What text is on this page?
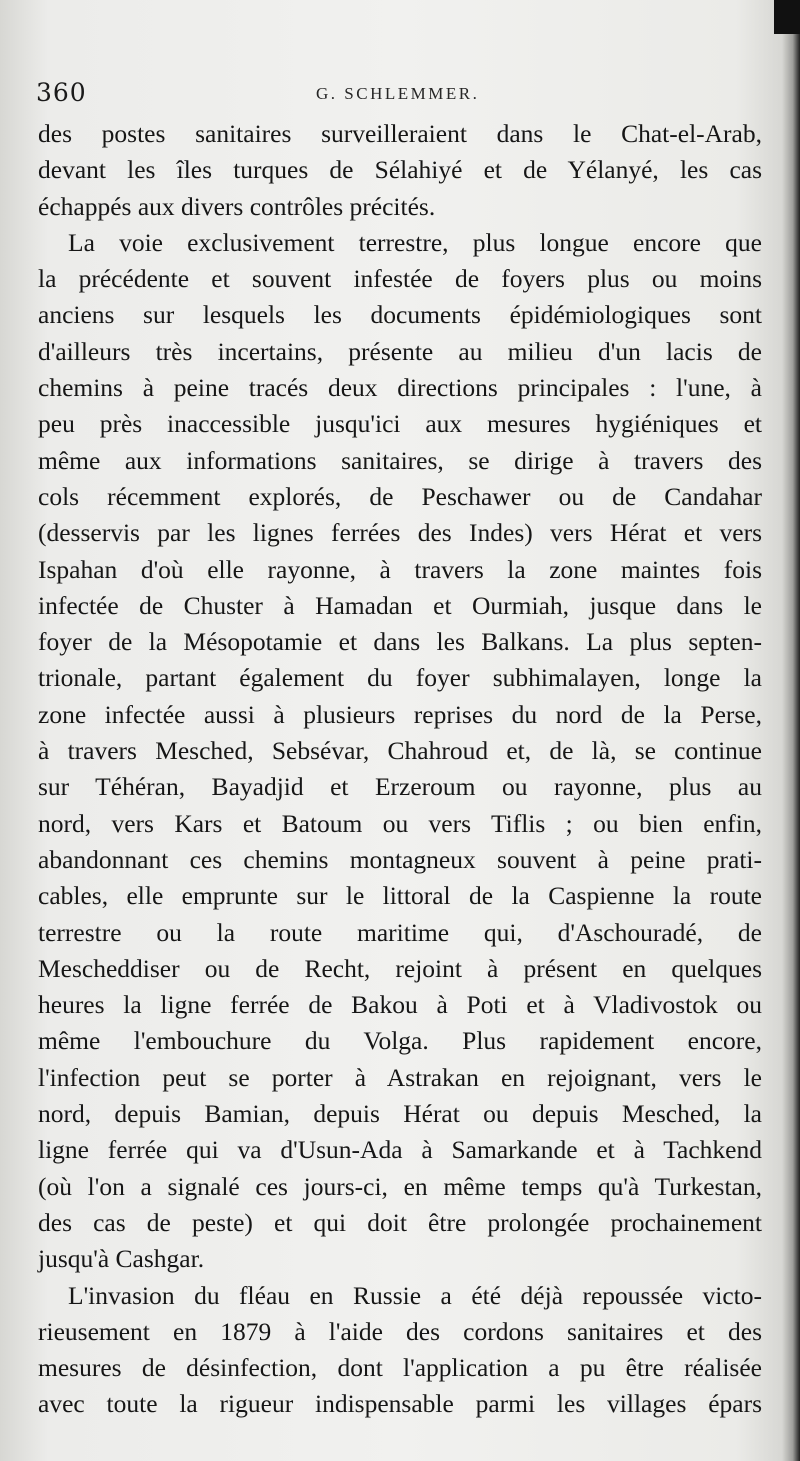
360	G. SCHLEMMER.
des postes sanitaires surveilleraient dans le Chat-el-Arab,
devant les îles turques de Sélahiyé et de Yélanyé, les cas
échappés aux divers contrôles précités.
La voie exclusivement terrestre, plus longue encore que
la précédente et souvent infestée de foyers plus ou moins
anciens sur lesquels les documents épidémiologiques sont
d'ailleurs très incertains, présente au milieu d'un lacis de
chemins à peine tracés deux directions principales : l'une, à
peu près inaccessible jusqu'ici aux mesures hygiéniques et
même aux informations sanitaires, se dirige à travers des
cols récemment explorés, de Peschawer ou de Candahar
(desservis par les lignes ferrées des Indes) vers Hérat et vers
Ispahan d'où elle rayonne, à travers la zone maintes fois
infectée de Chuster à Hamadan et Ourmiah, jusque dans le
foyer de la Mésopotamie et dans les Balkans. La plus septen-
trionale, partant également du foyer subhimalayen, longe la
zone infectée aussi à plusieurs reprises du nord de la Perse,
à travers Mesched, Sebsévar, Chahroud et, de là, se continue
sur Téhéran, Bayadjid et Erzeroum ou rayonne, plus au
nord, vers Kars et Batoum ou vers Tiflis ; ou bien enfin,
abandonnant ces chemins montagneux souvent à peine prati-
cables, elle emprunte sur le littoral de la Caspienne la route
terrestre ou la route maritime qui, d'Aschouradé, de
Mescheddiser ou de Recht, rejoint à présent en quelques
heures la ligne ferrée de Bakou à Poti et à Vladivostok ou
même l'embouchure du Volga. Plus rapidement encore,
l'infection peut se porter à Astrakan en rejoignant, vers le
nord, depuis Bamian, depuis Hérat ou depuis Mesched, la
ligne ferrée qui va d'Usun-Ada à Samarkande et à Tachkend
(où l'on a signalé ces jours-ci, en même temps qu'à Turkestan,
des cas de peste) et qui doit être prolongée prochainement
jusqu'à Cashgar.
L'invasion du fléau en Russie a été déjà repoussée victo-
rieusement en 1879 à l'aide des cordons sanitaires et des
mesures de désinfection, dont l'application a pu être réalisée
avec toute la rigueur indispensable parmi les villages épars
